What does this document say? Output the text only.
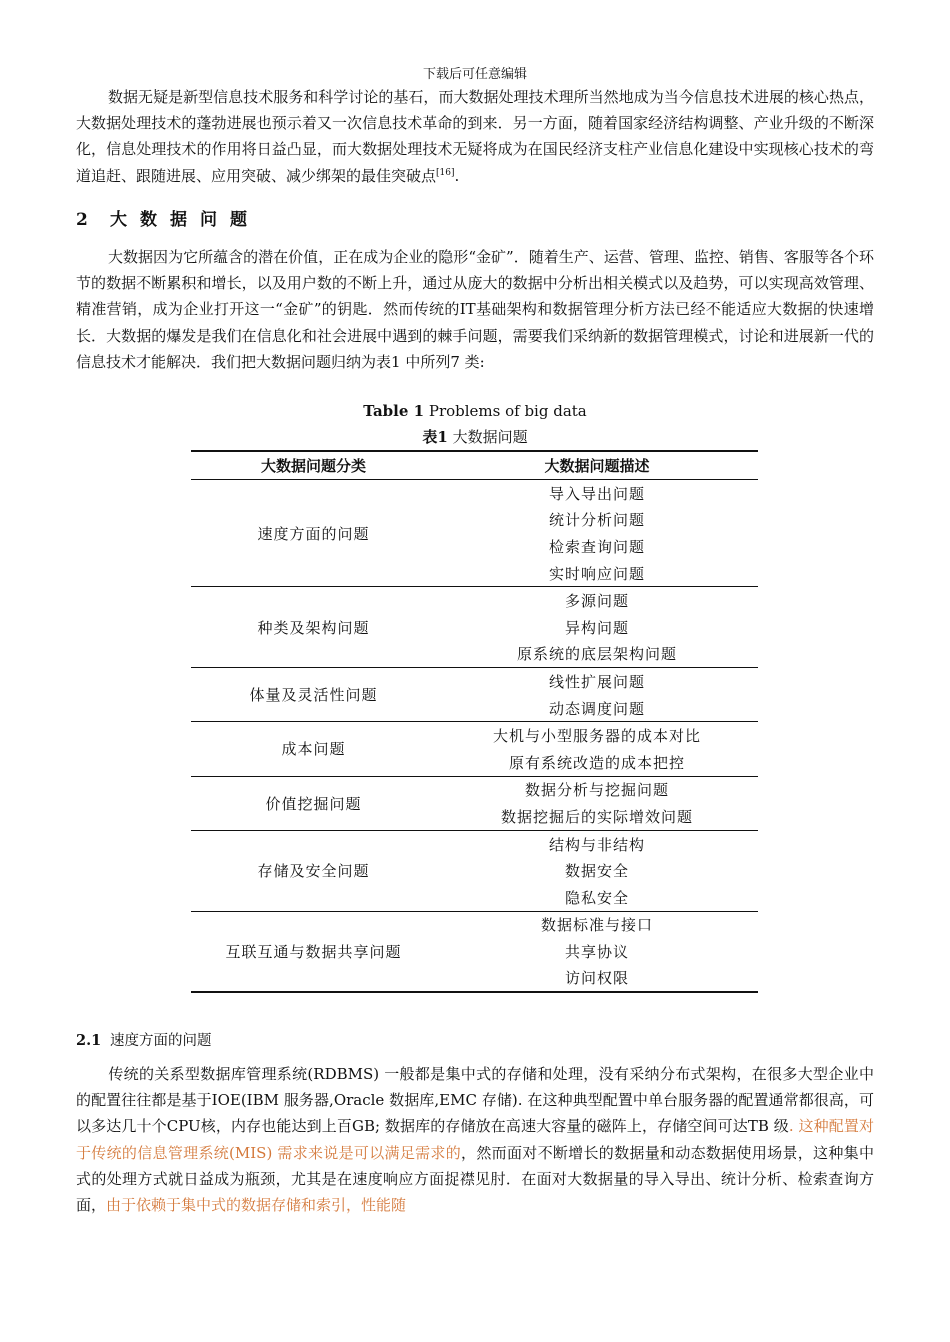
下载后可任意编辑

数据无疑是新型信息技术服务和科学讨论的基石，而大数据处理技术理所当然地成为当今信息技术进展的核心热点，大数据处理技术的蓬勃进展也预示着又一次信息技术革命的到来．另一方面，随着国家经济结构调整、产业升级的不断深化，信息处理技术的作用将日益凸显，而大数据处理技术无疑将成为在国民经济支柱产业信息化建设中实现核心技术的弯道追赶、跟随进展、应用突破、减少绑架的最佳突破点[16].

2 大数据问题

大数据因为它所蕴含的潜在价值，正在成为企业的隐形“金矿”．随着生产、运营、管理、监控、销售、客服等各个环节的数据不断累积和增长，以及用户数的不断上升，通过从庞大的数据中分析出相关模式以及趋势，可以实现高效管理、精准营销，成为企业打开这一“金矿”的钥匙．然而传统的IT基础架构和数据管理分析方法已经不能适应大数据的快速增长．大数据的爆发是我们在信息化和社会进展中遇到的棘手问题，需要我们采纳新的数据管理模式，讨论和进展新一代的信息技术才能解决．我们把大数据问题归纳为表1 中所列7 类:

Table 1 Problems of big data
表1 大数据问题
大数据问题分类	大数据问题描述
速度方面的问题	导入导出问题
	统计分析问题
	检索查询问题
	实时响应问题
种类及架构问题	多源问题
	异构问题
	原系统的底层架构问题
体量及灵活性问题	线性扩展问题
	动态调度问题
成本问题	大机与小型服务器的成本对比
	原有系统改造的成本把控
价值挖掘问题	数据分析与挖掘问题
	数据挖掘后的实际增效问题
存储及安全问题	结构与非结构
	数据安全
	隐私安全
互联互通与数据共享问题	数据标准与接口
	共享协议
	访问权限
2.1 速度方面的问题

传统的关系型数据库管理系统(RDBMS) 一般都是集中式的存储和处理，没有采纳分布式架构，在很多大型企业中的配置往往都是基于IOE(IBM 服务器,Oracle 数据库,EMC 存储). 在这种典型配置中单台服务器的配置通常都很高，可以多达几十个CPU核，内存也能达到上百GB; 数据库的存储放在高速大容量的磁阵上，存储空间可达TB 级. 这种配置对于传统的信息管理系统(MIS) 需求来说是可以满足需求的，然而面对不断增长的数据量和动态数据使用场景，这种集中式的处理方式就日益成为瓶颈，尤其是在速度响应方面捉襟见肘．在面对大数据量的导入导出、统计分析、检索查询方面，由于依赖于集中式的数据存储和索引，性能随
